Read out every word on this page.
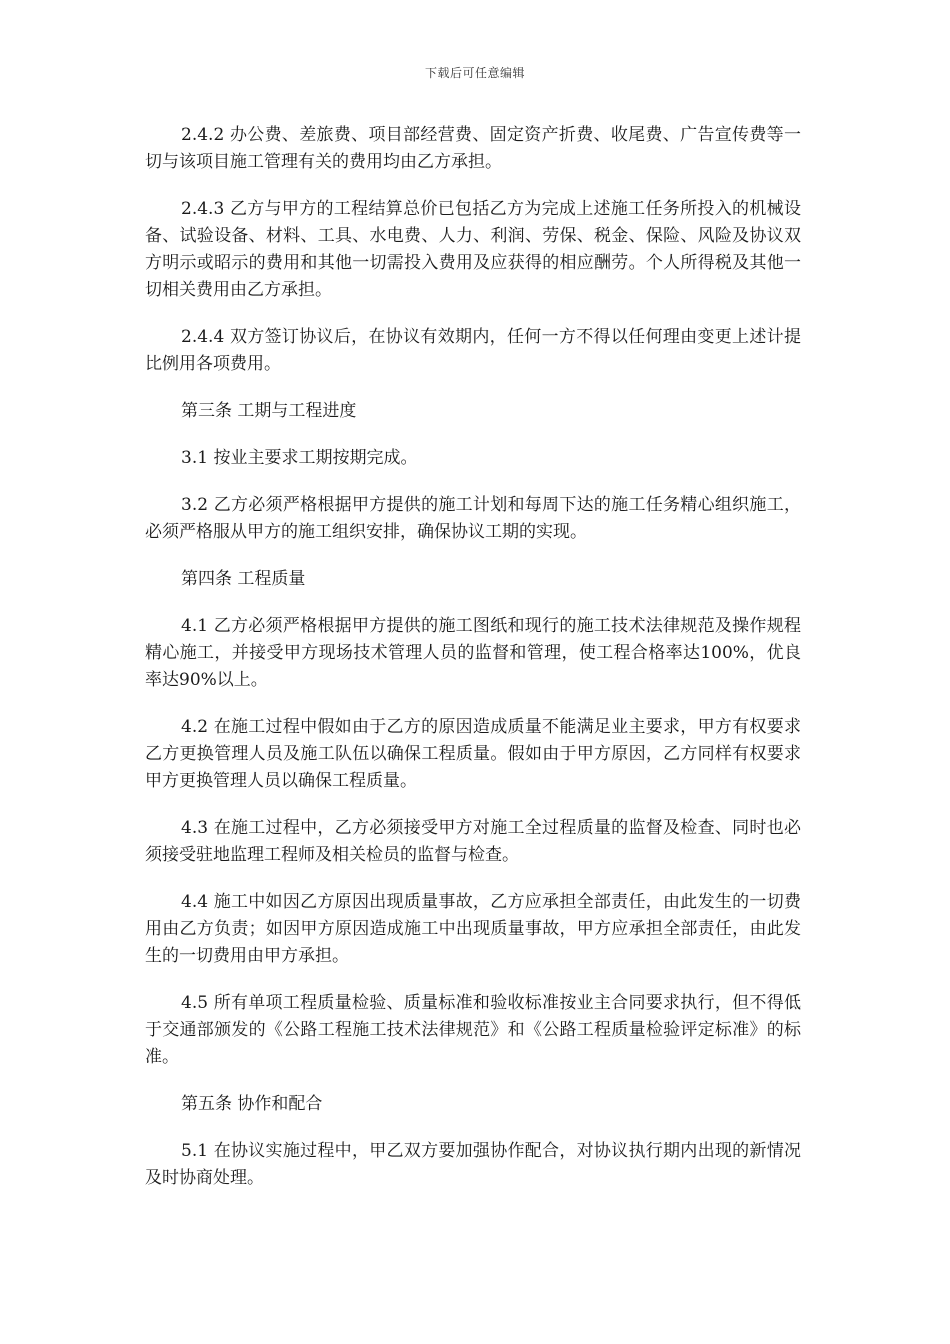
下载后可任意编辑

2.4.2 办公费、差旅费、项目部经营费、固定资产折费、收尾费、广告宣传费等一切与该项目施工管理有关的费用均由乙方承担。

2.4.3 乙方与甲方的工程结算总价已包括乙方为完成上述施工任务所投入的机械设备、试验设备、材料、工具、水电费、人力、利润、劳保、税金、保险、风险及协议双方明示或昭示的费用和其他一切需投入费用及应获得的相应酬劳。个人所得税及其他一切相关费用由乙方承担。

2.4.4 双方签订协议后，在协议有效期内，任何一方不得以任何理由变更上述计提比例用各项费用。

第三条 工期与工程进度

3.1 按业主要求工期按期完成。

3.2 乙方必须严格根据甲方提供的施工计划和每周下达的施工任务精心组织施工，必须严格服从甲方的施工组织安排，确保协议工期的实现。

第四条 工程质量

4.1 乙方必须严格根据甲方提供的施工图纸和现行的施工技术法律规范及操作规程精心施工，并接受甲方现场技术管理人员的监督和管理，使工程合格率达100%，优良率达90%以上。

4.2 在施工过程中假如由于乙方的原因造成质量不能满足业主要求，甲方有权要求乙方更换管理人员及施工队伍以确保工程质量。假如由于甲方原因，乙方同样有权要求甲方更换管理人员以确保工程质量。

4.3 在施工过程中，乙方必须接受甲方对施工全过程质量的监督及检查、同时也必须接受驻地监理工程师及相关检员的监督与检查。

4.4 施工中如因乙方原因出现质量事故，乙方应承担全部责任，由此发生的一切费用由乙方负责；如因甲方原因造成施工中出现质量事故，甲方应承担全部责任，由此发生的一切费用由甲方承担。

4.5 所有单项工程质量检验、质量标准和验收标准按业主合同要求执行，但不得低于交通部颁发的《公路工程施工技术法律规范》和《公路工程质量检验评定标准》的标准。

第五条 协作和配合

5.1 在协议实施过程中，甲乙双方要加强协作配合，对协议执行期内出现的新情况及时协商处理。
